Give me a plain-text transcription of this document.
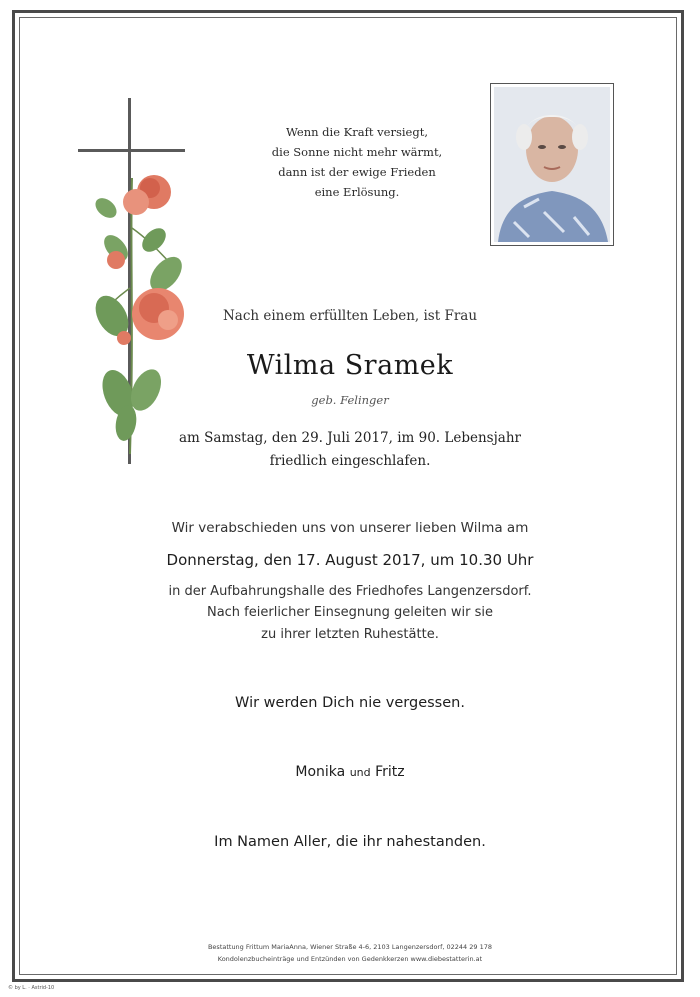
Wenn die Kraft versiegt,
die Sonne nicht mehr wärmt,
dann ist der ewige Frieden
eine Erlösung.
Nach einem erfüllten Leben, ist Frau
Wilma Sramek
geb. Felinger
am Samstag, den 29. Juli 2017, im 90. Lebensjahr
friedlich eingeschlafen.
Wir verabschieden uns von unserer lieben Wilma am
Donnerstag, den 17. August 2017, um 10.30 Uhr
in der Aufbahrungshalle des Friedhofes Langenzersdorf.
Nach feierlicher Einsegnung geleiten wir sie
zu ihrer letzten Ruhestätte.
Wir werden Dich nie vergessen.
Monika und Fritz
Im Namen Aller, die ihr nahestanden.
Bestattung Frittum MariaAnna, Wiener Straße 4-6, 2103 Langenzersdorf, 02244 29 178
Kondolenzbucheinträge und Entzünden von Gedenkkerzen www.diebestatterin.at
© by L. · Astrid-10
